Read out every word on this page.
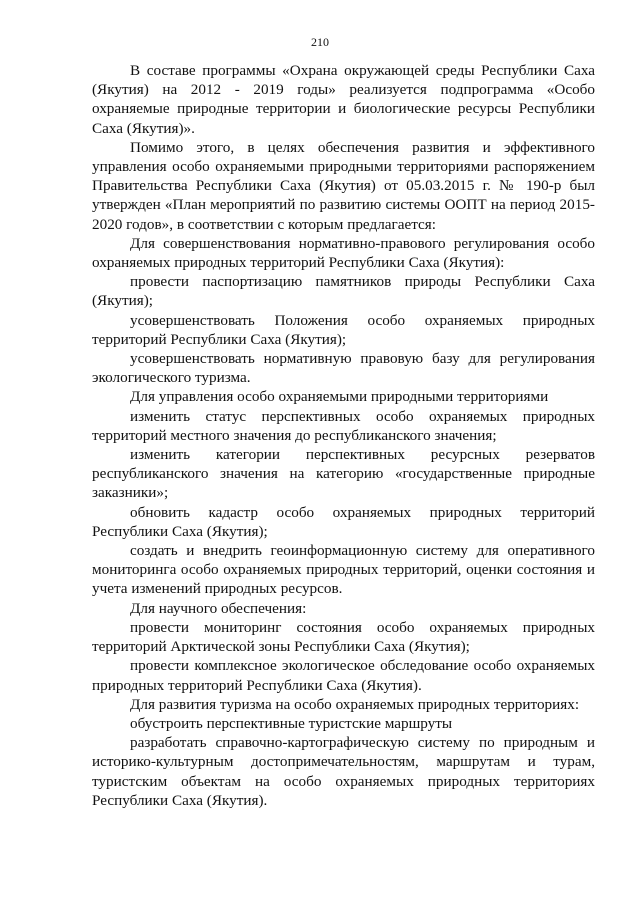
210

В составе программы «Охрана окружающей среды Республики Саха (Якутия) на 2012 - 2019 годы» реализуется подпрограмма «Особо охраняемые природные территории и биологические ресурсы Республики Саха (Якутия)».

Помимо этого, в целях обеспечения развития и эффективного управления особо охраняемыми природными территориями распоряжением Правительства Республики Саха (Якутия) от 05.03.2015 г. № 190-р был утвержден «План мероприятий по развитию системы ООПТ на период 2015-2020 годов», в соответствии с которым предлагается:

Для совершенствования нормативно-правового регулирования особо охраняемых природных территорий Республики Саха (Якутия):

провести паспортизацию памятников природы Республики Саха (Якутия);

усовершенствовать Положения особо охраняемых природных территорий Республики Саха (Якутия);

усовершенствовать нормативную правовую базу для регулирования экологического туризма.

Для управления особо охраняемыми природными территориями

изменить статус перспективных особо охраняемых природных территорий местного значения до республиканского значения;

изменить категории перспективных ресурсных резерватов республиканского значения на категорию «государственные природные заказники»;

обновить кадастр особо охраняемых природных территорий Республики Саха (Якутия);

создать и внедрить геоинформационную систему для оперативного мониторинга особо охраняемых природных территорий, оценки состояния и учета изменений природных ресурсов.

Для научного обеспечения:

провести мониторинг состояния особо охраняемых природных территорий Арктической зоны Республики Саха (Якутия);

провести комплексное экологическое обследование особо охраняемых природных территорий Республики Саха (Якутия).

Для развития туризма на особо охраняемых природных территориях:

обустроить перспективные туристские маршруты

разработать справочно-картографическую систему по природным и историко-культурным достопримечательностям, маршрутам и турам, туристским объектам на особо охраняемых природных территориях Республики Саха (Якутия).
